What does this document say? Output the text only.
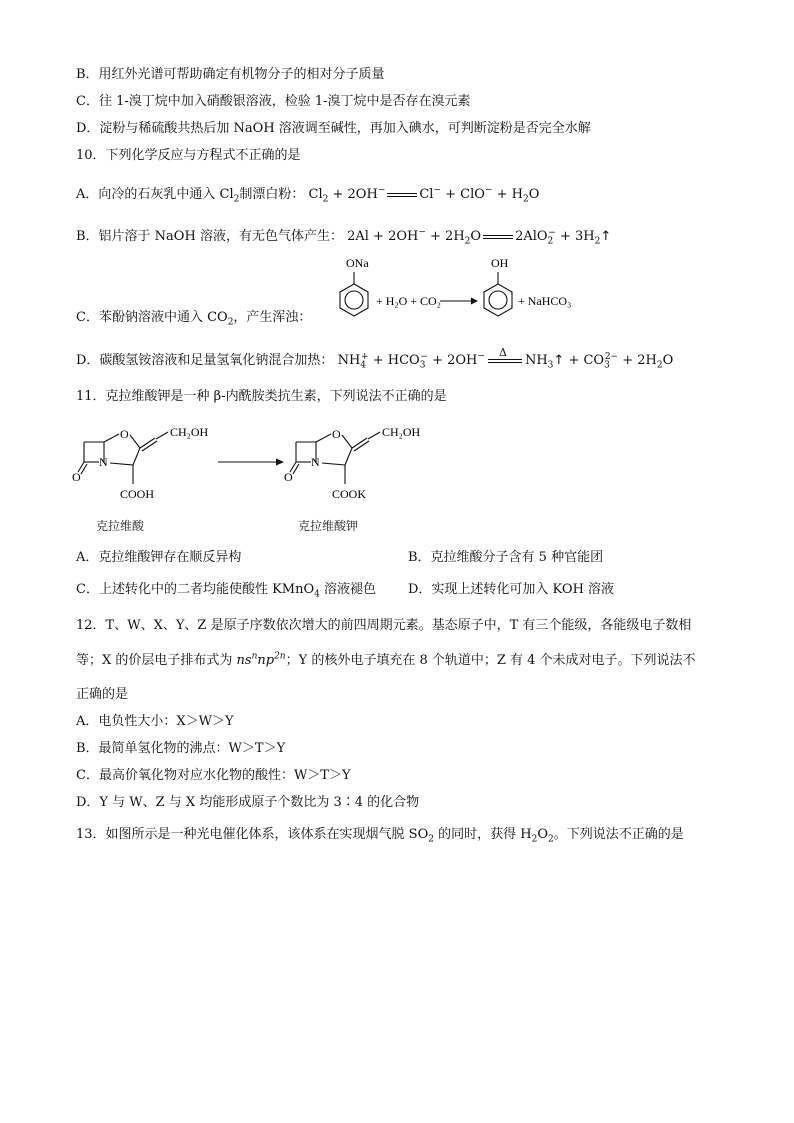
B．用红外光谱可帮助确定有机物分子的相对分子质量
C．往 1-溴丁烷中加入硝酸银溶液，检验 1-溴丁烷中是否存在溴元素
D．淀粉与稀硫酸共热后加 NaOH 溶液调至碱性，再加入碘水，可判断淀粉是否完全水解
10．下列化学反应与方程式不正确的是
A．向冷的石灰乳中通入 $Cl_2$制漂白粉： $Cl_2 + 2OH^-$	$Cl^- + ClO^- + H_2O$
B．铝片溶于 NaOH 溶液，有无色气体产生： $2Al + 2OH^- + 2H_2O$	$2AlO_2^- + 3H_2↑$
C．苯酚钠溶液中通入 $CO_2$，产生浑浊：
ONa
+ H₂O + CO₂
OH
+ NaHCO₃
D．碳酸氢铵溶液和足量氢氧化钠混合加热： $NH_4^+ + HCO_3^- + 2OH^-$ Δ
$NH_3↑ + CO_3^{2-} + 2H_2O$
11．克拉维酸钾是一种 β-内酰胺类抗生素，下列说法不正确的是
O
N
O	CH₂OH
COOH
O
N
O	CH₂OH
COOK
克拉维酸	克拉维酸钾
A．克拉维酸钾存在顺反异构	B．克拉维酸分子含有 5 种官能团
C．上述转化中的二者均能使酸性 KMnO$_4$ 溶液褪色 D．实现上述转化可加入 KOH 溶液
12．T、W、X、Y、Z 是原子序数依次增大的前四周期元素。基态原子中，T 有三个能级，各能级电子数相
等；X 的价层电子排布式为 $ns^nnp^{2n}$；Y 的核外电子填充在 8 个轨道中；Z 有 4 个未成对电子。下列说法不
正确的是
A．电负性大小：X＞W＞Y
B．最简单氢化物的沸点：W＞T＞Y
C．最高价氧化物对应水化物的酸性：W＞T＞Y
D．Y 与 W、Z 与 X 均能形成原子个数比为 3∶4 的化合物
13．如图所示是一种光电催化体系，该体系在实现烟气脱 $SO_2$ 的同时，获得 $H_2O_2$。下列说法不正确的是
